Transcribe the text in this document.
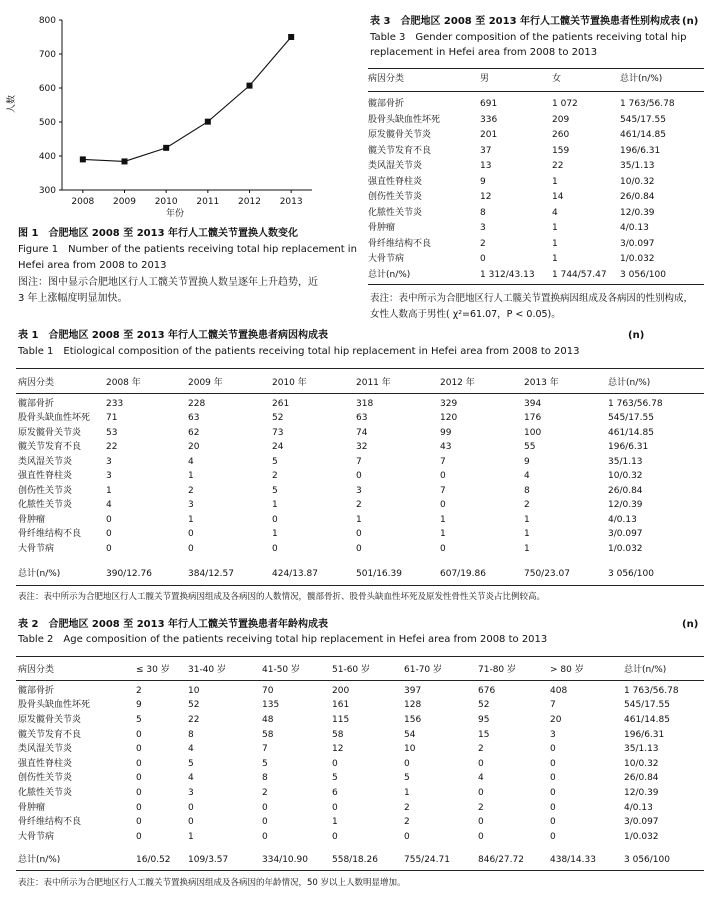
300
400
500
600
700
800
2008 2009 2010 2011 2012 2013
年份
人数
图 1　合肥地区 2008 至 2013 年行人工髋关节置换人数变化
Figure 1　Number of the patients receiving total hip replacement in
Hefei area from 2008 to 2013
图注：图中显示合肥地区行人工髋关节置换人数呈逐年上升趋势，近
3 年上涨幅度明显加快。
表 3　合肥地区 2008 至 2013 年行人工髋关节置换患者性别构成表 (n)
Table 3　Gender composition of the patients receiving total hip
replacement in Hefei area from 2008 to 2013
病因分类	男	女	总计(n/%)
髋部骨折	691	1 072	1 763/56.78
股骨头缺血性坏死	336	209	545/17.55
原发髋骨关节炎	201	260	461/14.85
髋关节发育不良	37	159	196/6.31
类风湿关节炎	13	22	35/1.13
强直性脊柱炎	9	1	10/0.32
创伤性关节炎	12	14	26/0.84
化脓性关节炎	8	4	12/0.39
骨肿瘤	3	1	4/0.13
骨纤维结构不良	2	1	3/0.097
大骨节病	0	1	1/0.032
总计(n/%)	1 312/43.13	1 744/57.47	3 056/100
表注：表中所示为合肥地区行人工髋关节置换病因组成及各病因的性别构成，
女性人数高于男性( χ²=61.07，P < 0.05)。
表 1　合肥地区 2008 至 2013 年行人工髋关节置换患者病因构成表	(n)
Table 1　Etiological composition of the patients receiving total hip replacement in Hefei area from 2008 to 2013
病因分类	2008 年	2009 年	2010 年	2011 年	2012 年	2013 年	总计(n/%)
髋部骨折	233	228	261	318	329	394	1 763/56.78
股骨头缺血性坏死	71	63	52	63	120	176	545/17.55
原发髋骨关节炎	53	62	73	74	99	100	461/14.85
髋关节发育不良	22	20	24	32	43	55	196/6.31
类风湿关节炎	3	4	5	7	7	9	35/1.13
强直性脊柱炎	3	1	2	0	0	4	10/0.32
创伤性关节炎	1	2	5	3	7	8	26/0.84
化脓性关节炎	4	3	1	2	0	2	12/0.39
骨肿瘤	0	1	0	1	1	1	4/0.13
骨纤维结构不良	0	0	1	0	1	1	3/0.097
大骨节病	0	0	0	0	0	1	1/0.032
总计(n/%)	390/12.76	384/12.57	424/13.87	501/16.39	607/19.86	750/23.07	3 056/100
表注：表中所示为合肥地区行人工髋关节置换病因组成及各病因的人数情况，髋部骨折、股骨头缺血性坏死及原发性骨性关节炎占比例较高。
表 2　合肥地区 2008 至 2013 年行人工髋关节置换患者年龄构成表	(n)
Table 2　Age composition of the patients receiving total hip replacement in Hefei area from 2008 to 2013
病因分类	≤ 30 岁	31-40 岁	41-50 岁	51-60 岁	61-70 岁	71-80 岁	> 80 岁	总计(n/%)
髋部骨折	2	10	70	200	397	676	408	1 763/56.78
股骨头缺血性坏死	9	52	135	161	128	52	7	545/17.55
原发髋骨关节炎	5	22	48	115	156	95	20	461/14.85
髋关节发育不良	0	8	58	58	54	15	3	196/6.31
类风湿关节炎	0	4	7	12	10	2	0	35/1.13
强直性脊柱炎	0	5	5	0	0	0	0	10/0.32
创伤性关节炎	0	4	8	5	5	4	0	26/0.84
化脓性关节炎	0	3	2	6	1	0	0	12/0.39
骨肿瘤	0	0	0	0	2	2	0	4/0.13
骨纤维结构不良	0	0	0	1	2	0	0	3/0.097
大骨节病	0	1	0	0	0	0	0	1/0.032
总计(n/%)	16/0.52	109/3.57	334/10.90	558/18.26	755/24.71	846/27.72	438/14.33	3 056/100
表注：表中所示为合肥地区行人工髋关节置换病因组成及各病因的年龄情况，50 岁以上人数明显增加。
